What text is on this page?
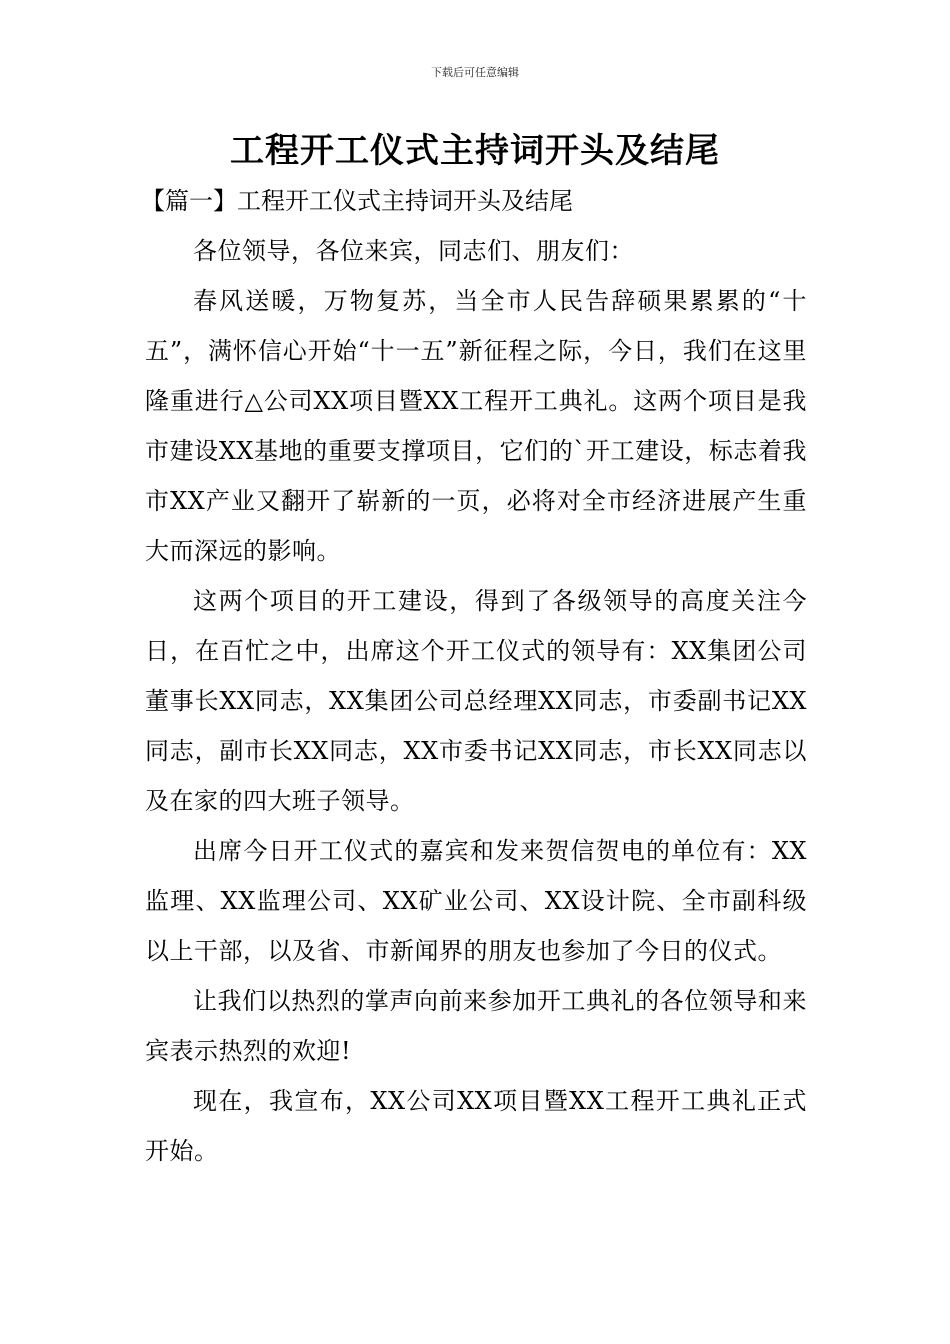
下载后可任意编辑
工程开工仪式主持词开头及结尾

【篇一】工程开工仪式主持词开头及结尾

各位领导，各位来宾，同志们、朋友们：

春风送暖，万物复苏，当全市人民告辞硕果累累的“十五”，满怀信心开始“十一五”新征程之际，今日，我们在这里隆重进行△公司XX项目暨XX工程开工典礼。这两个项目是我市建设XX基地的重要支撑项目，它们的`开工建设，标志着我市XX产业又翻开了崭新的一页，必将对全市经济进展产生重大而深远的影响。

这两个项目的开工建设，得到了各级领导的高度关注今日，在百忙之中，出席这个开工仪式的领导有：XX集团公司董事长XX同志，XX集团公司总经理XX同志，市委副书记XX同志，副市长XX同志，XX市委书记XX同志，市长XX同志以及在家的四大班子领导。

出席今日开工仪式的嘉宾和发来贺信贺电的单位有：XX监理、XX监理公司、XX矿业公司、XX设计院、全市副科级以上干部，以及省、市新闻界的朋友也参加了今日的仪式。

让我们以热烈的掌声向前来参加开工典礼的各位领导和来宾表示热烈的欢迎!

现在，我宣布，XX公司XX项目暨XX工程开工典礼正式开始。
